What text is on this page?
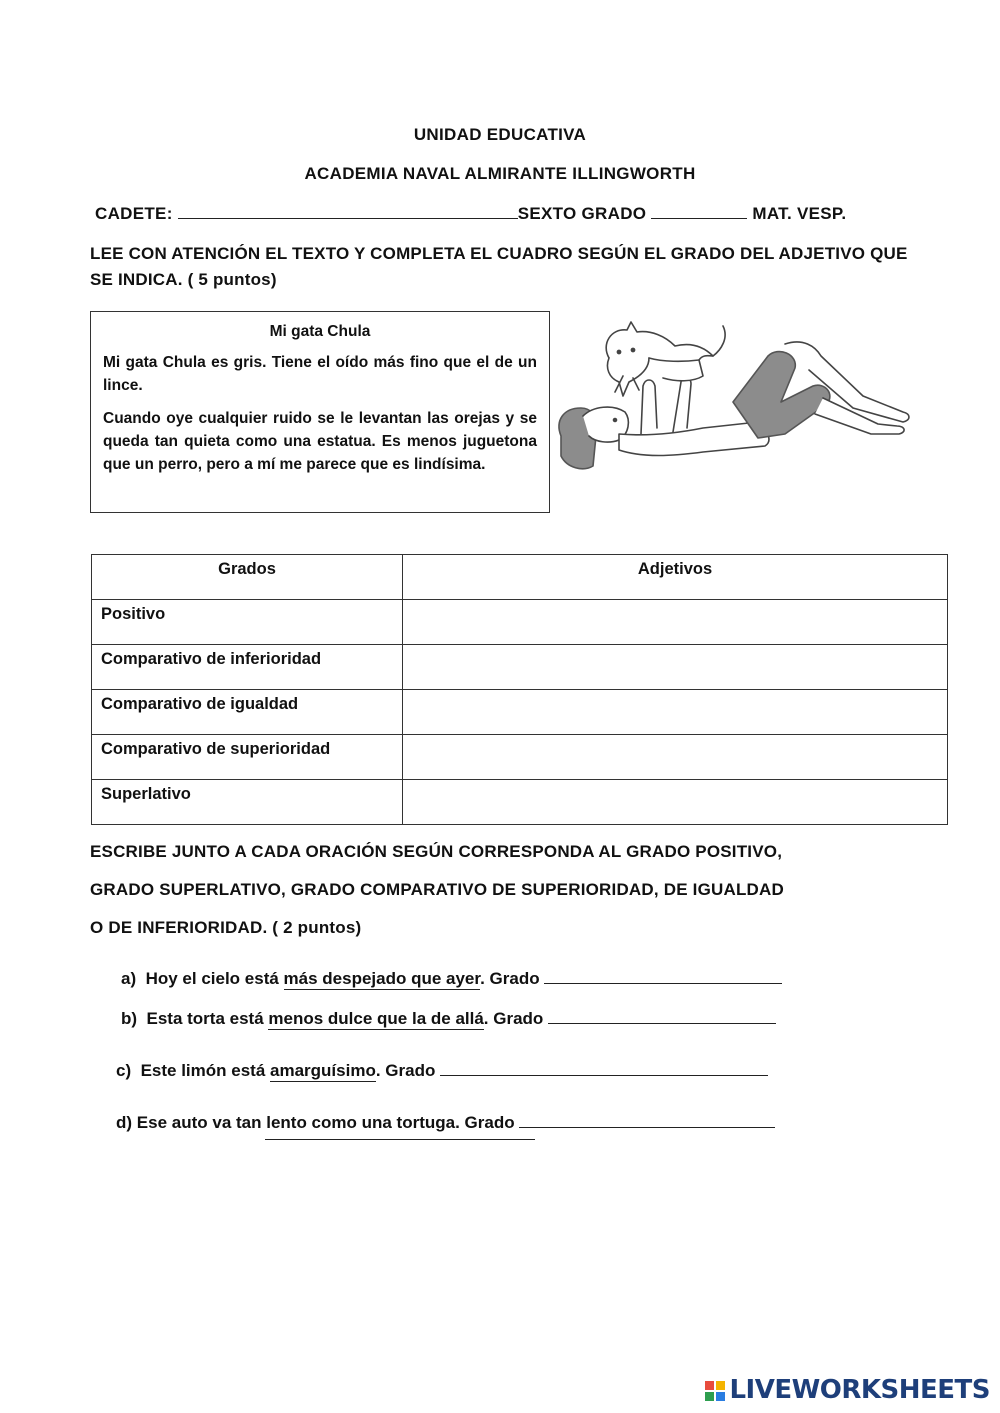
UNIDAD EDUCATIVA
ACADEMIA NAVAL ALMIRANTE ILLINGWORTH
CADETE:	SEXTO GRADO	MAT. VESP.
LEE CON ATENCIÓN EL TEXTO Y COMPLETA EL CUADRO SEGÚN EL GRADO DEL ADJETIVO QUE SE INDICA. ( 5 puntos)
Mi gata Chula

Mi gata Chula es gris. Tiene el oído más fino que el de un lince.

Cuando oye cualquier ruido se le levantan las orejas y se queda tan quieta como una estatua. Es menos juguetona que un perro, pero a mí me parece que es lindísima.

Grados	Adjetivos
Positivo	
Comparativo de inferioridad	
Comparativo de igualdad	
Comparativo de superioridad	
Superlativo	
ESCRIBE JUNTO A CADA ORACIÓN SEGÚN CORRESPONDA AL GRADO POSITIVO,
GRADO SUPERLATIVO, GRADO COMPARATIVO DE SUPERIORIDAD, DE IGUALDAD
O DE INFERIORIDAD. ( 2 puntos)
a) Hoy el cielo está más despejado que ayer. Grado
b) Esta torta está menos dulce que la de allá. Grado
c) Este limón está amarguísimo. Grado
d) Ese auto va tan lento como una tortuga. Grado
LIVEWORKSHEETS
